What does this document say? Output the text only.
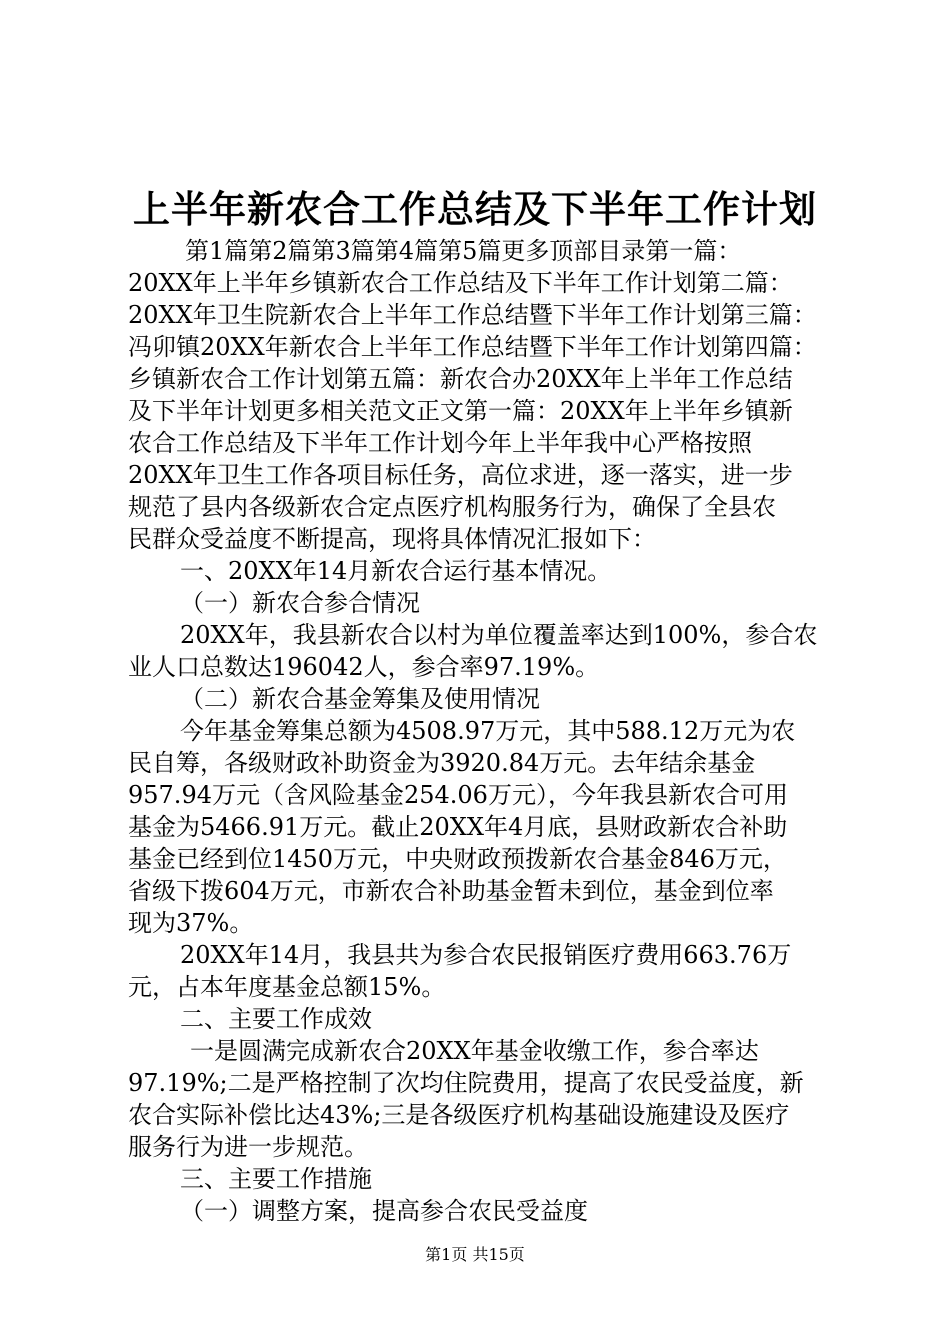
上半年新农合工作总结及下半年工作计划
第1篇第2篇第3篇第4篇第5篇更多顶部目录第一篇：
20XX年上半年乡镇新农合工作总结及下半年工作计划第二篇：
20XX年卫生院新农合上半年工作总结暨下半年工作计划第三篇：
冯卯镇20XX年新农合上半年工作总结暨下半年工作计划第四篇：
乡镇新农合工作计划第五篇：新农合办20XX年上半年工作总结
及下半年计划更多相关范文正文第一篇：20XX年上半年乡镇新
农合工作总结及下半年工作计划今年上半年我中心严格按照
20XX年卫生工作各项目标任务，高位求进，逐一落实，进一步
规范了县内各级新农合定点医疗机构服务行为，确保了全县农
民群众受益度不断提高，现将具体情况汇报如下：
一、20XX年14月新农合运行基本情况。
（一）新农合参合情况
20XX年，我县新农合以村为单位覆盖率达到100%，参合农
业人口总数达196042人，参合率97.19%。
（二）新农合基金筹集及使用情况
今年基金筹集总额为4508.97万元，其中588.12万元为农
民自筹，各级财政补助资金为3920.84万元。去年结余基金
957.94万元（含风险基金254.06万元），今年我县新农合可用
基金为5466.91万元。截止20XX年4月底，县财政新农合补助
基金已经到位1450万元，中央财政预拨新农合基金846万元，
省级下拨604万元，市新农合补助基金暂未到位，基金到位率
现为37%。
20XX年14月，我县共为参合农民报销医疗费用663.76万
元，占本年度基金总额15%。
二、主要工作成效
一是圆满完成新农合20XX年基金收缴工作，参合率达
97.19%;二是严格控制了次均住院费用，提高了农民受益度，新
农合实际补偿比达43%;三是各级医疗机构基础设施建设及医疗
服务行为进一步规范。
三、主要工作措施
（一）调整方案，提高参合农民受益度
第1页 共15页
